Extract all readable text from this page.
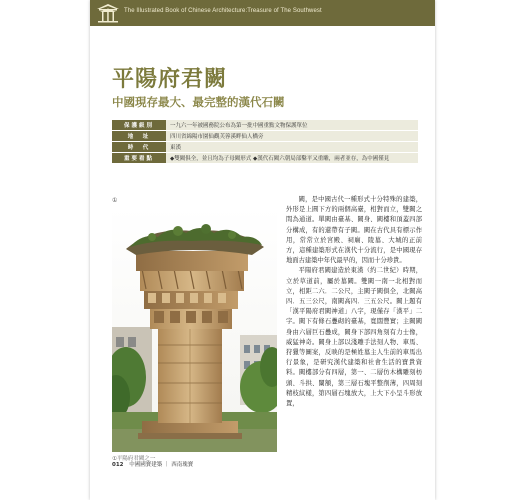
The Illustrated Book of Chinese Architecture:Treasure of The Southwest
平陽府君闕
中國現存最大、最完整的漢代石闕
保護級別	一九六一年被國務院公布為第一批中國重點文物保護單位
地　址	四川省綿陽市園仙觀芙蓉溪畔仙人橋旁
時　代	東漢
重要看點	◆雙闕俱全，並且均為子母闕形式 ◆漢代石闕六朝局部鑿平又重雕，兩者並存，為中國僅見
①
①平陽府君闕之一

闕，是中國古代一種形式十分特殊的建築，外形是上圓下方的兩個高臺，相對而立，雙闕之間為通道。單闕由臺基、闕身、闕樓和頂蓋四部分構成，有的還帶有子闕。闕在古代具有標示作用，常常立於宮殿、祠廟、陵墓、大城的正前方，這種建築形式在漢代十分流行，是中國現存地面古建築中年代最早的，因而十分珍貴。

平陽府君闕建造於東漢（約二世紀）時期，立於草道前，屬於墓闕。雙闕一南一北相對而立，相距二六．二公尺，主闕子闕俱全，北闕高四．五三公尺，南闕高四．三五公尺。闕上題有「漢平陽府君闕神道」八字，現僅存「漢平」二字。闕下有條石疊砌的臺基，寬闊豐實；主闕闕身由六層巨石疊成，闕身下部四角刻有力士像，威猛神奇。闕身上部以淺雕手法刻人物、車馬、狩獵等圖案，反映的是極姓墓主人生前的車馬出行景象，是研究漢代建築和社會生活的寶貴資料。闕樓部分有四層，第一、二層仿木構雕刻枋頭、斗拱、闌額，第三層石塊平整削薄，四周刻精枝紋樣，第四層石塊放大，上大下小呈斗形放置，

012 中國國寶建築 ｜ 西南瑰寶
